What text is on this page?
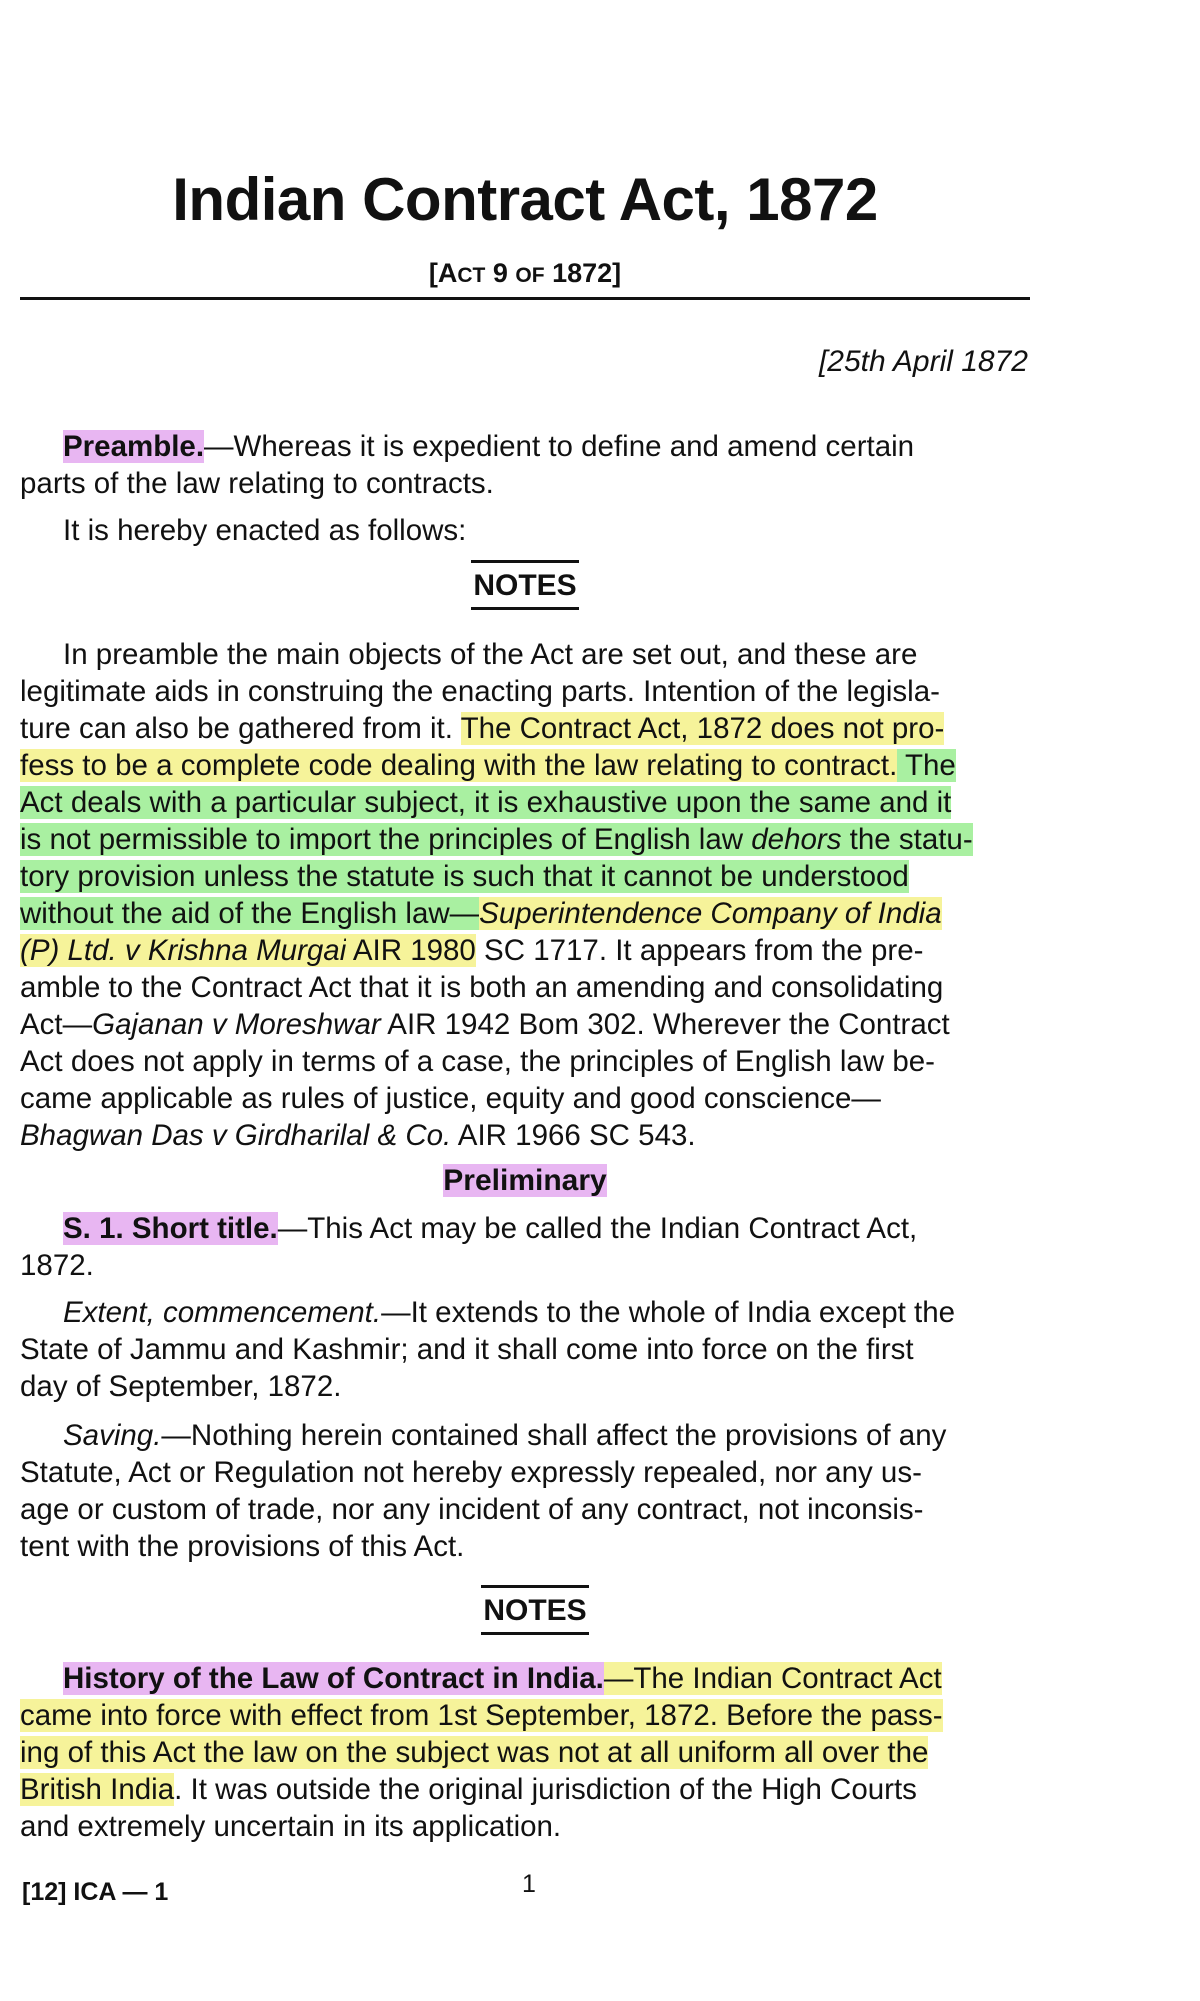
Indian Contract Act, 1872
[ACT 9 OF 1872]
[25th April 1872
Preamble.—Whereas it is expedient to define and amend certain
parts of the law relating to contracts.
It is hereby enacted as follows:
NOTES
In preamble the main objects of the Act are set out, and these are
legitimate aids in construing the enacting parts. Intention of the legisla-
ture can also be gathered from it. The Contract Act, 1872 does not pro-
fess to be a complete code dealing with the law relating to contract. The
Act deals with a particular subject, it is exhaustive upon the same and it
is not permissible to import the principles of English law dehors the statu-
tory provision unless the statute is such that it cannot be understood
without the aid of the English law—Superintendence Company of India
(P) Ltd. v Krishna Murgai AIR 1980 SC 1717. It appears from the pre-
amble to the Contract Act that it is both an amending and consolidating
Act—Gajanan v Moreshwar AIR 1942 Bom 302. Wherever the Contract
Act does not apply in terms of a case, the principles of English law be-
came applicable as rules of justice, equity and good conscience—
Bhagwan Das v Girdharilal & Co. AIR 1966 SC 543.
Preliminary
S. 1. Short title.—This Act may be called the Indian Contract Act,
1872.
Extent, commencement.—It extends to the whole of India except the
State of Jammu and Kashmir; and it shall come into force on the first
day of September, 1872.
Saving.—Nothing herein contained shall affect the provisions of any
Statute, Act or Regulation not hereby expressly repealed, nor any us-
age or custom of trade, nor any incident of any contract, not inconsis-
tent with the provisions of this Act.
NOTES
History of the Law of Contract in India.—The Indian Contract Act
came into force with effect from 1st September, 1872. Before the pass-
ing of this Act the law on the subject was not at all uniform all over the
British India. It was outside the original jurisdiction of the High Courts
and extremely uncertain in its application.
[12] ICA — 1	1
